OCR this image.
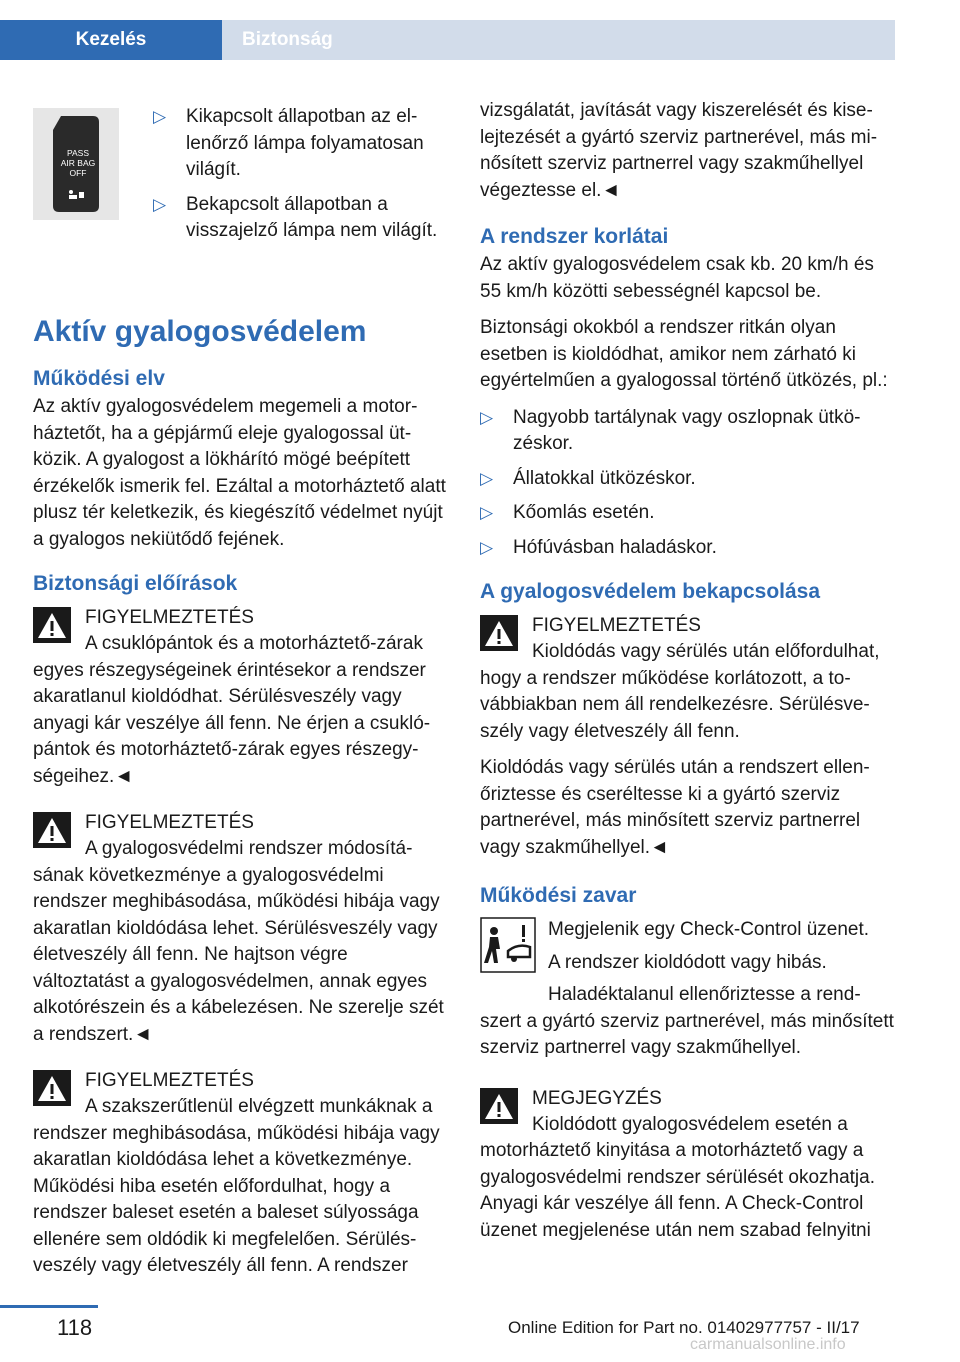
Kezelés	Biztonság
PASS
AIR BAG
OFF
▷ Kikapcsolt állapotban az ellenőrző lámpa folyamatosan világít.
▷ Bekapcsolt állapotban a visszajelző lámpa nem világít.
Aktív gyalogosvédelem
Működési elv

Az aktív gyalogosvédelem megemeli a motorháztetőt, ha a gépjármű eleje gyalogossal ütközik. A gyalogost a lökhárító mögé beépített érzékelők ismerik fel. Ezáltal a motorháztető alatt plusz tér keletkezik, és kiegészítő védelmet nyújt a gyalogos nekiütődő fejének.

Biztonsági előírások

FIGYELMEZTETÉS

A csuklópántok és a motorháztető-zárak egyes részegységeinek érintésekor a rendszer akaratlanul kioldódhat. Sérülésveszély vagy anyagi kár veszélye áll fenn. Ne érjen a csuklópántok és motorháztető-zárak egyes részegységeihez.◄

FIGYELMEZTETÉS

A gyalogosvédelmi rendszer módosításának következménye a gyalogosvédelmi rendszer meghibásodása, működési hibája vagy akaratlan kioldódása lehet. Sérülésveszély vagy életveszély áll fenn. Ne hajtson végre változtatást a gyalogosvédelmen, annak egyes alkotórészein és a kábelezésen. Ne szerelje szét a rendszert.◄

FIGYELMEZTETÉS

A szakszerűtlenül elvégzett munkáknak a rendszer meghibásodása, működési hibája vagy akaratlan kioldódása lehet a következménye. Működési hiba esetén előfordulhat, hogy a rendszer baleset esetén a baleset súlyossága ellenére sem oldódik ki megfelelően. Sérülésveszély vagy életveszély áll fenn. A rendszer

vizsgálatát, javítását vagy kiszerelését és kiselejtezését a gyártó szerviz partnerével, más minősített szerviz partnerrel vagy szakműhellyel végeztesse el.◄

A rendszer korlátai

Az aktív gyalogosvédelem csak kb. 20 km/h és 55 km/h közötti sebességnél kapcsol be.

Biztonsági okokból a rendszer ritkán olyan esetben is kioldódhat, amikor nem zárható ki egyértelműen a gyalogossal történő ütközés, pl.:

▷ Nagyobb tartálynak vagy oszlopnak ütközéskor.
▷ Állatokkal ütközéskor.
▷ Kőomlás esetén.
▷ Hófúvásban haladáskor.
A gyalogosvédelem bekapcsolása

FIGYELMEZTETÉS

Kioldódás vagy sérülés után előfordulhat, hogy a rendszer működése korlátozott, a továbbiakban nem áll rendelkezésre. Sérülésveszély vagy életveszély áll fenn.

Kioldódás vagy sérülés után a rendszert ellenőriztesse és cseréltesse ki a gyártó szerviz partnerével, más minősített szerviz partnerrel vagy szakműhellyel.◄

Működési zavar

Megjelenik egy Check-Control üzenet.

A rendszer kioldódott vagy hibás.

Haladéktalanul ellenőriztesse a rendszert a gyártó szerviz partnerével, más minősített szerviz partnerrel vagy szakműhellyel.

MEGJEGYZÉS

Kioldódott gyalogosvédelem esetén a motorháztető kinyitása a motorháztető vagy a gyalogosvédelmi rendszer sérülését okozhatja. Anyagi kár veszélye áll fenn. A Check-Control üzenet megjelenése után nem szabad felnyitni

118	Online Edition for Part no. 01402977757 - II/17
carmanualsonline.info
